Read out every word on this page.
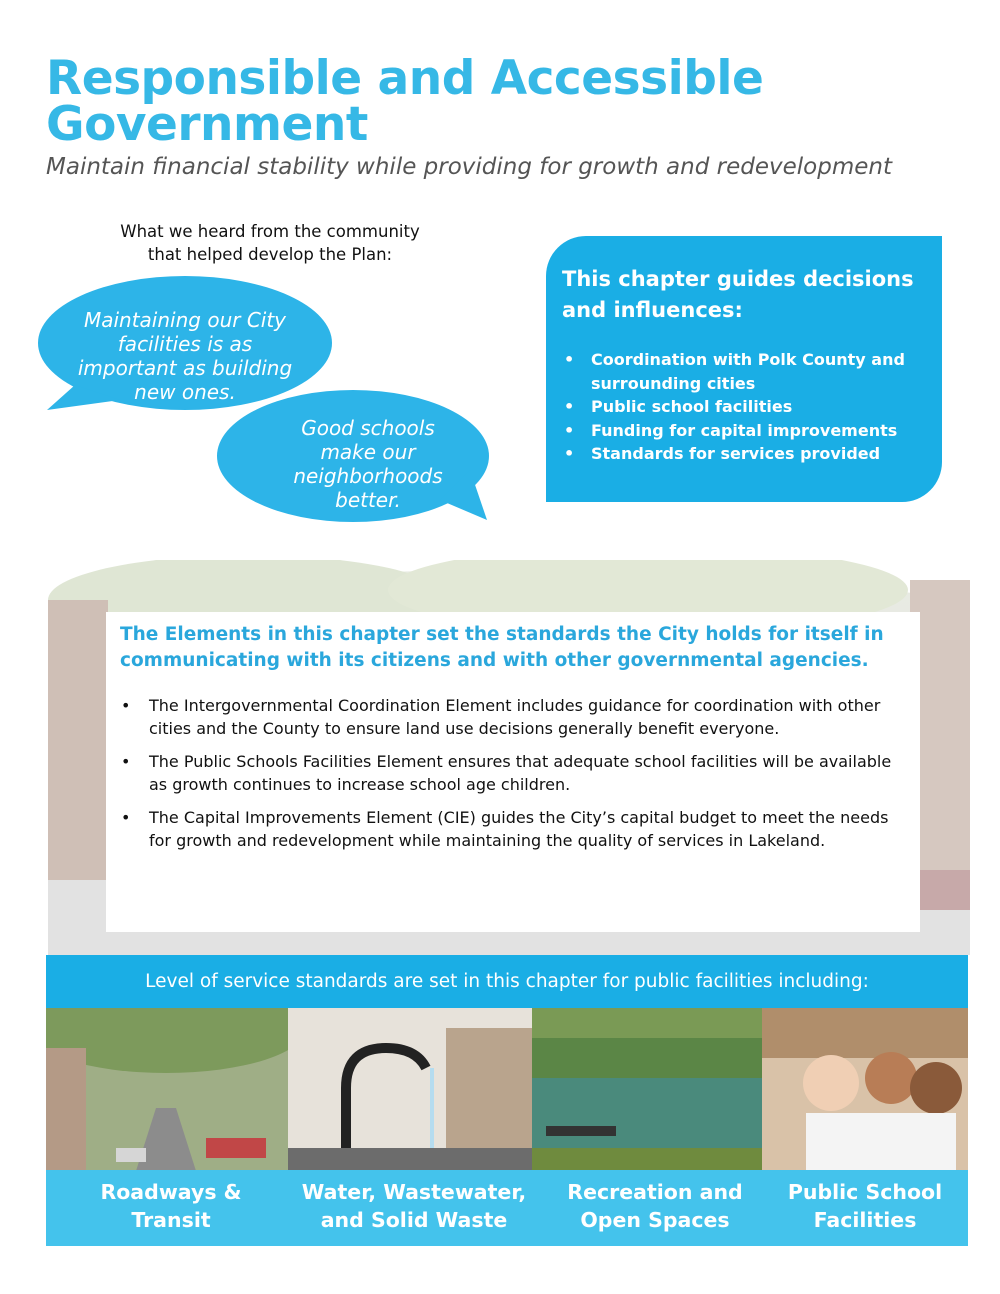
Responsible and Accessible
Government
Maintain financial stability while providing for growth and redevelopment
What we heard from the community
that helped develop the Plan:
Maintaining our City
facilities is as
important as building
new ones.
Good schools
make our
neighborhoods
better.
This chapter guides decisions
and influences:
• Coordination with Polk County and
surrounding cities
• Public school facilities
• Funding for capital improvements
• Standards for services provided

The Elements in this chapter set the standards the City holds for itself in communicating with its citizens and with other governmental agencies.

• The Intergovernmental Coordination Element includes guidance for coordination with other cities and the County to ensure land use decisions generally benefit everyone.
• The Public Schools Facilities Element ensures that adequate school facilities will be available as growth continues to increase school age children.
• The Capital Improvements Element (CIE) guides the City’s capital budget to meet the needs for growth and redevelopment while maintaining the quality of services in Lakeland.
Level of service standards are set in this chapter for public facilities including:
Roadways &
Transit
Water, Wastewater,
and Solid Waste
Recreation and
Open Spaces
Public School
Facilities
